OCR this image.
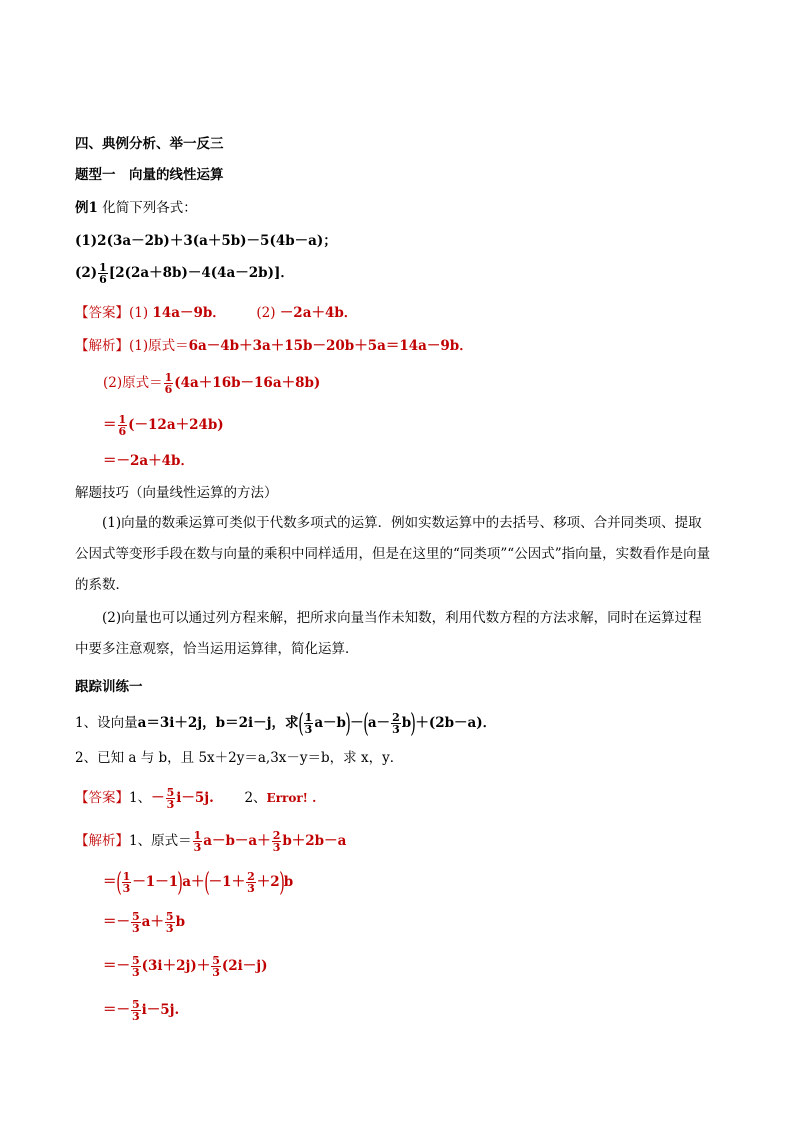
四、典例分析、举一反三
题型一　向量的线性运算
例1 化简下列各式：
(1)2(3a－2b)＋3(a＋5b)－5(4b－a)；
$(2) \frac{1}{6} [2(2a+8b)-4(4a-2b)]$．
【答案】(1) 14a－9b． (2) －2a＋4b．
【解析】(1)原式＝6a－4b＋3a＋15b－20b＋5a＝14a－9b．
(2)原式＝ $\frac{1}{6} (4a+16b-16a+8b)$
＝ $\frac{1}{6} (-12a+24b)$
＝－2a＋4b．
解题技巧（向量线性运算的方法）
(1)向量的数乘运算可类似于代数多项式的运算．例如实数运算中的去括号、移项、合并同类项、提取公因式等变形手段在数与向量的乘积中同样适用，但是在这里的“同类项”“公因式”指向量，实数看作是向量的系数．
(2)向量也可以通过列方程来解，把所求向量当作未知数，利用代数方程的方法求解，同时在运算过程中要多注意观察，恰当运用运算律，简化运算．
跟踪训练一
1、设向量a＝3i＋2j，b＝2i－j，求( $\frac{1}{3} a-b)-(a- \frac{2}{3} b)+(2b-a)$．
2、已知 a 与 b，且 5x＋2y＝a,3x－y＝b，求 x，y．
【答案】1、－ $\frac{5}{3} i-5j$. 2、Error! .
【解析】1、原式＝ $\frac{1}{3} a-b-a+ \frac{2}{3} b+2b-a$
＝( $\frac{1}{3} -1-1)a+(-1+ \frac{2}{3} +2)b$
＝－ $\frac{5}{3} a+ \frac{5}{3}$ b
＝－ $\frac{5}{3} (3i+2j)+ \frac{5}{3} (2i-j)$
＝－ $\frac{5}{3} i-5j$.
